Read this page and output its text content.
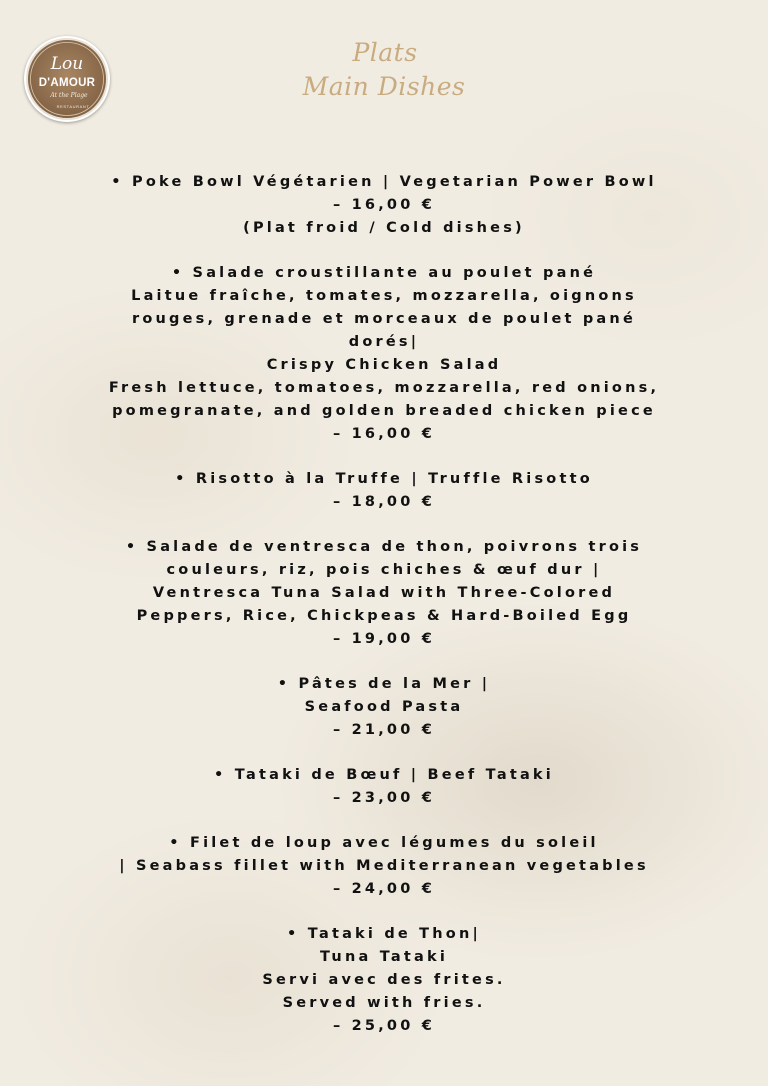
Lou
D'AMOUR
At the Plage
RESTAURANT
Plats
Main Dishes
• Poke Bowl Végétarien | Vegetarian Power Bowl
– 16,00 €
(Plat froid / Cold dishes)
• Salade croustillante au poulet pané
Laitue fraîche, tomates, mozzarella, oignons
rouges, grenade et morceaux de poulet pané
dorés|
Crispy Chicken Salad
Fresh lettuce, tomatoes, mozzarella, red onions,
pomegranate, and golden breaded chicken piece
– 16,00 €
• Risotto à la Truffe | Truffle Risotto
– 18,00 €
• Salade de ventresca de thon, poivrons trois
couleurs, riz, pois chiches & œuf dur |
Ventresca Tuna Salad with Three-Colored
Peppers, Rice, Chickpeas & Hard-Boiled Egg
– 19,00 €
• Pâtes de la Mer |
Seafood Pasta
– 21,00 €
• Tataki de Bœuf | Beef Tataki
– 23,00 €
• Filet de loup avec légumes du soleil
| Seabass fillet with Mediterranean vegetables
– 24,00 €
• Tataki de Thon|
Tuna Tataki
Servi avec des frites.
Served with fries.
– 25,00 €
